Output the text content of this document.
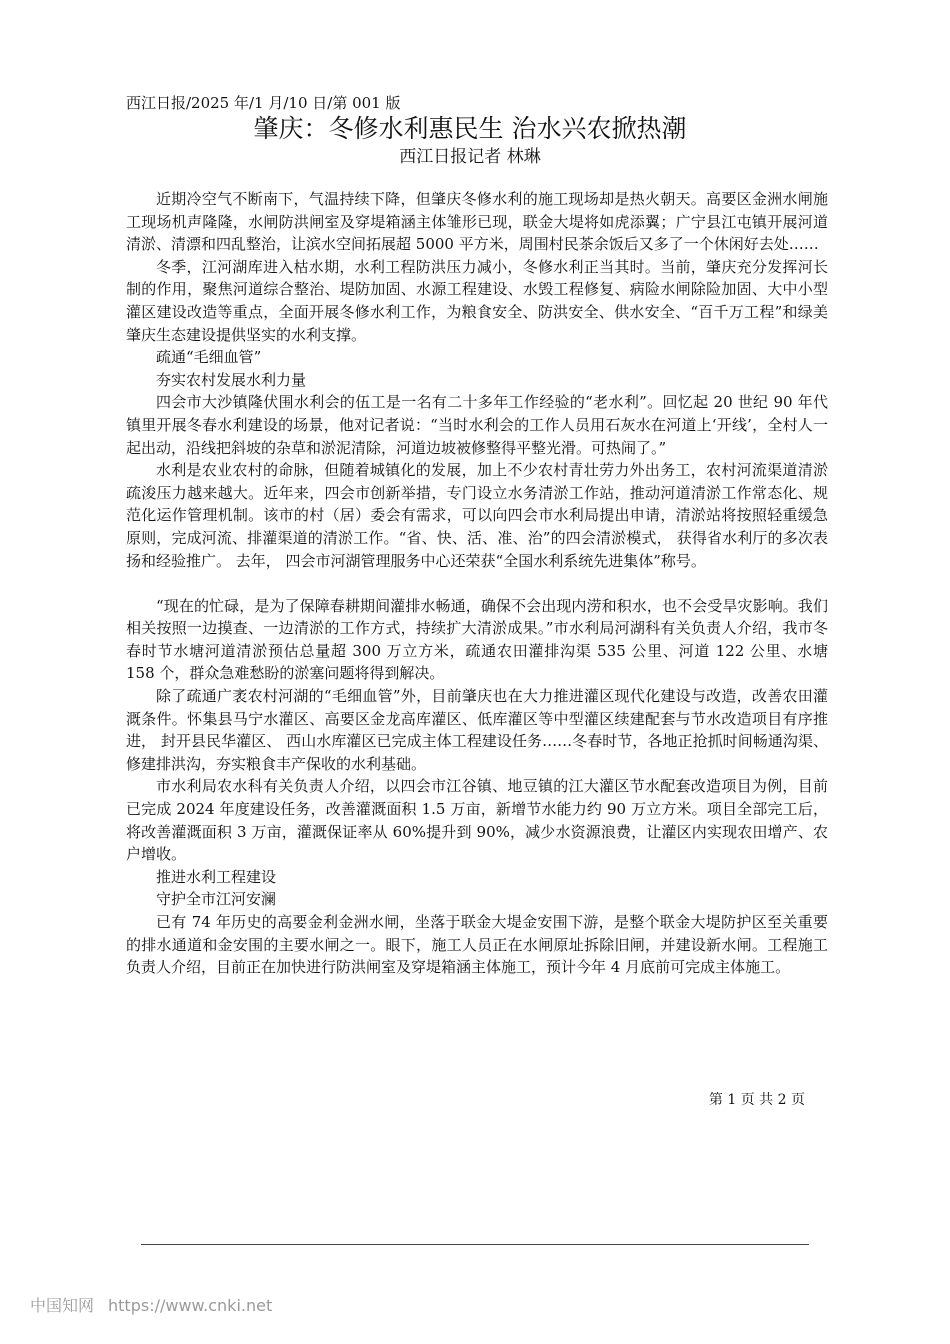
西江日报/2025 年/1 月/10 日/第 001 版
肇庆：冬修水利惠民生 治水兴农掀热潮
西江日报记者 林琳

近期冷空气不断南下，气温持续下降，但肇庆冬修水利的施工现场却是热火朝天。高要区金洲水闸施工现场机声隆隆，水闸防洪闸室及穿堤箱涵主体雏形已现，联金大堤将如虎添翼；广宁县江屯镇开展河道清淤、清漂和四乱整治，让滨水空间拓展超 5000 平方米，周围村民茶余饭后又多了一个休闲好去处……

冬季，江河湖库进入枯水期，水利工程防洪压力减小，冬修水利正当其时。当前，肇庆充分发挥河长制的作用，聚焦河道综合整治、堤防加固、水源工程建设、水毁工程修复、病险水闸除险加固、大中小型灌区建设改造等重点，全面开展冬修水利工作，为粮食安全、防洪安全、供水安全、“百千万工程”和绿美肇庆生态建设提供坚实的水利支撑。

疏通“毛细血管”

夯实农村发展水利力量

四会市大沙镇隆伏围水利会的伍工是一名有二十多年工作经验的“老水利”。回忆起 20 世纪 90 年代镇里开展冬春水利建设的场景，他对记者说：“当时水利会的工作人员用石灰水在河道上‘开线’，全村人一起出动，沿线把斜坡的杂草和淤泥清除，河道边坡被修整得平整光滑。可热闹了。”

水利是农业农村的命脉，但随着城镇化的发展，加上不少农村青壮劳力外出务工，农村河流渠道清淤疏浚压力越来越大。近年来，四会市创新举措，专门设立水务清淤工作站，推动河道清淤工作常态化、规范化运作管理机制。该市的村（居）委会有需求，可以向四会市水利局提出申请，清淤站将按照轻重缓急原则，完成河流、排灌渠道的清淤工作。“省、快、活、准、治”的四会清淤模式， 获得省水利厅的多次表扬和经验推广。 去年， 四会市河湖管理服务中心还荣获“全国水利系统先进集体”称号。

“现在的忙碌，是为了保障春耕期间灌排水畅通，确保不会出现内涝和积水，也不会受旱灾影响。我们相关按照一边摸查、一边清淤的工作方式，持续扩大清淤成果。”市水利局河湖科有关负责人介绍，我市冬春时节水塘河道清淤预估总量超 300 万立方米，疏通农田灌排沟渠 535 公里、河道 122 公里、水塘 158 个，群众急难愁盼的淤塞问题将得到解决。

除了疏通广袤农村河湖的“毛细血管”外，目前肇庆也在大力推进灌区现代化建设与改造，改善农田灌溉条件。怀集县马宁水灌区、高要区金龙高库灌区、低库灌区等中型灌区续建配套与节水改造项目有序推进， 封开县民华灌区、 西山水库灌区已完成主体工程建设任务……冬春时节，各地正抢抓时间畅通沟渠、修建排洪沟，夯实粮食丰产保收的水利基础。

市水利局农水科有关负责人介绍，以四会市江谷镇、地豆镇的江大灌区节水配套改造项目为例，目前已完成 2024 年度建设任务，改善灌溉面积 1.5 万亩，新增节水能力约 90 万立方米。项目全部完工后，将改善灌溉面积 3 万亩，灌溉保证率从 60%提升到 90%，减少水资源浪费，让灌区内实现农田增产、农户增收。

推进水利工程建设

守护全市江河安澜

已有 74 年历史的高要金利金洲水闸，坐落于联金大堤金安围下游，是整个联金大堤防护区至关重要的排水通道和金安围的主要水闸之一。眼下，施工人员正在水闸原址拆除旧闸，并建设新水闸。工程施工负责人介绍，目前正在加快进行防洪闸室及穿堤箱涵主体施工，预计今年 4 月底前可完成主体施工。

第 1 页 共 2 页
中国知网 https://www.cnki.net
